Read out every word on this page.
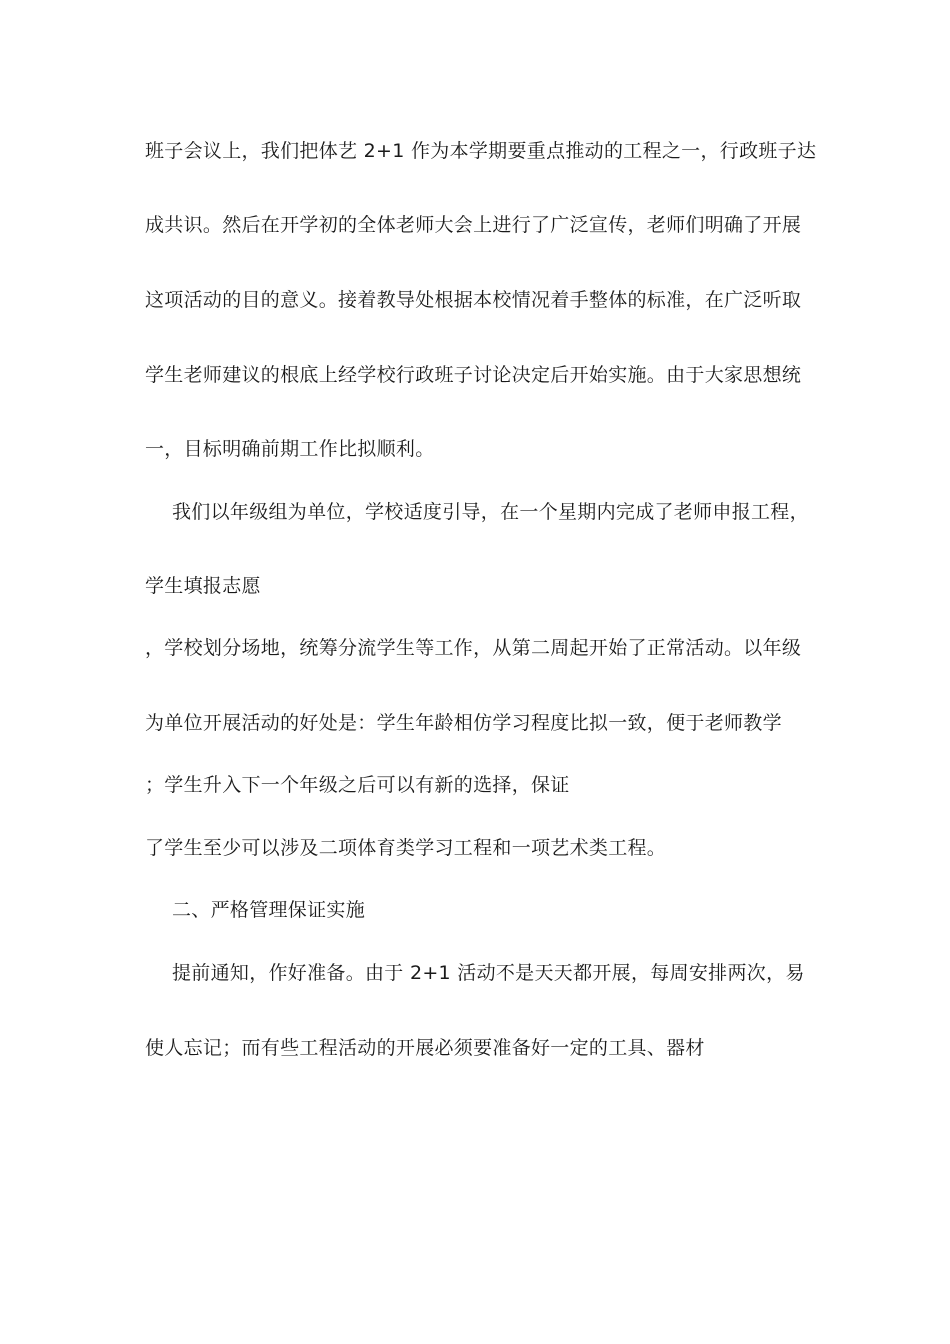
班子会议上，我们把体艺 2+1 作为本学期要重点推动的工程之一，行政班子达
成共识。然后在开学初的全体老师大会上进行了广泛宣传，老师们明确了开展
这项活动的目的意义。接着教导处根据本校情况着手整体的标准，在广泛听取
学生老师建议的根底上经学校行政班子讨论决定后开始实施。由于大家思想统
一，目标明确前期工作比拟顺利。
我们以年级组为单位，学校适度引导，在一个星期内完成了老师申报工程，
学生填报志愿
，学校划分场地，统筹分流学生等工作，从第二周起开始了正常活动。以年级
为单位开展活动的好处是：学生年龄相仿学习程度比拟一致，便于老师教学
；学生升入下一个年级之后可以有新的选择，保证
了学生至少可以涉及二项体育类学习工程和一项艺术类工程。
二、严格管理保证实施
提前通知，作好准备。由于 2+1 活动不是天天都开展，每周安排两次，易
使人忘记；而有些工程活动的开展必须要准备好一定的工具、器材
